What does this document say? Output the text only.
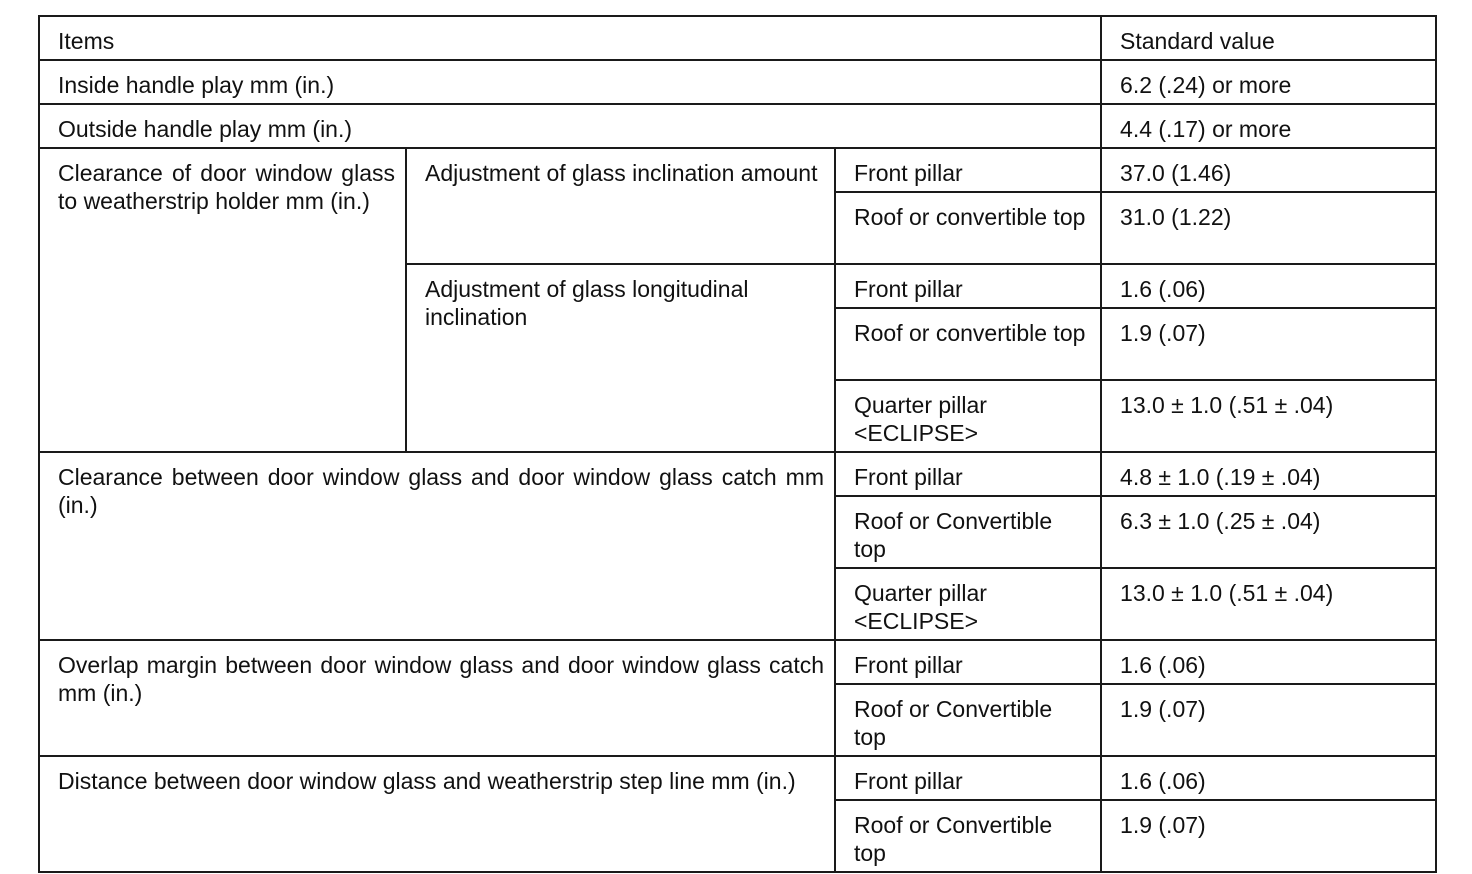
Items			Standard value
Inside handle play mm (in.)			6.2 (.24) or more
Outside handle play mm (in.)			4.4 (.17) or more
Clearance of door window glass to weatherstrip holder mm (in.)	Adjustment of glass inclination amount	Front pillar	37.0 (1.46)
		Roof or convertible top	31.0 (1.22)
	Adjustment of glass longitudinal inclination	Front pillar	1.6 (.06)
		Roof or convertible top	1.9 (.07)
		Quarter pillar <ECLIPSE>	13.0 ± 1.0 (.51 ± .04)
Clearance between door window glass and door window glass catch mm (in.)		Front pillar	4.8 ± 1.0 (.19 ± .04)
		Roof or Convertible top	6.3 ± 1.0 (.25 ± .04)
		Quarter pillar <ECLIPSE>	13.0 ± 1.0 (.51 ± .04)
Overlap margin between door window glass and door window glass catch mm (in.)		Front pillar	1.6 (.06)
		Roof or Convertible top	1.9 (.07)
Distance between door window glass and weatherstrip step line mm (in.)		Front pillar	1.6 (.06)
		Roof or Convertible top	1.9 (.07)
